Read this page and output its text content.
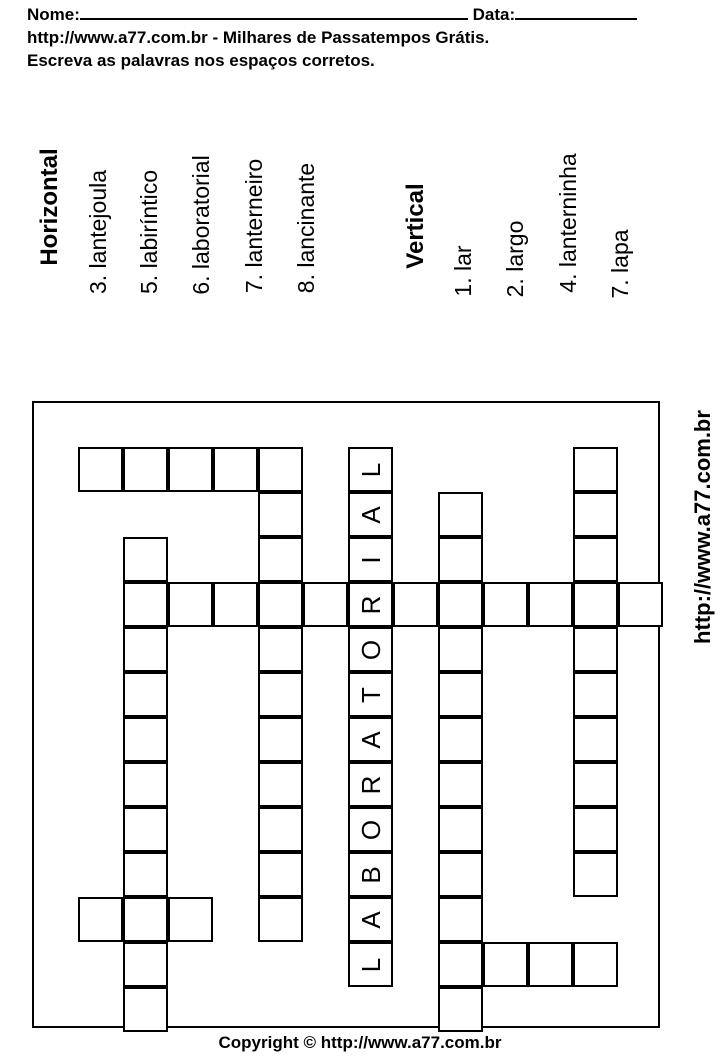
Nome:	Data:
http://www.a77.com.br - Milhares de Passatempos Grátis.
Escreva as palavras nos espaços corretos.
Horizontal 3. lantejoula 5. labiríntico 6. laboratorial 7. lanterneiro 8. lancinante	Vertical
1. lar 2. largo 4. lanterninha 7. lapa
L
A
B
O
R
A
T
O
R
I
A
L	http://www.a77.com.br
Copyright © http://www.a77.com.br
